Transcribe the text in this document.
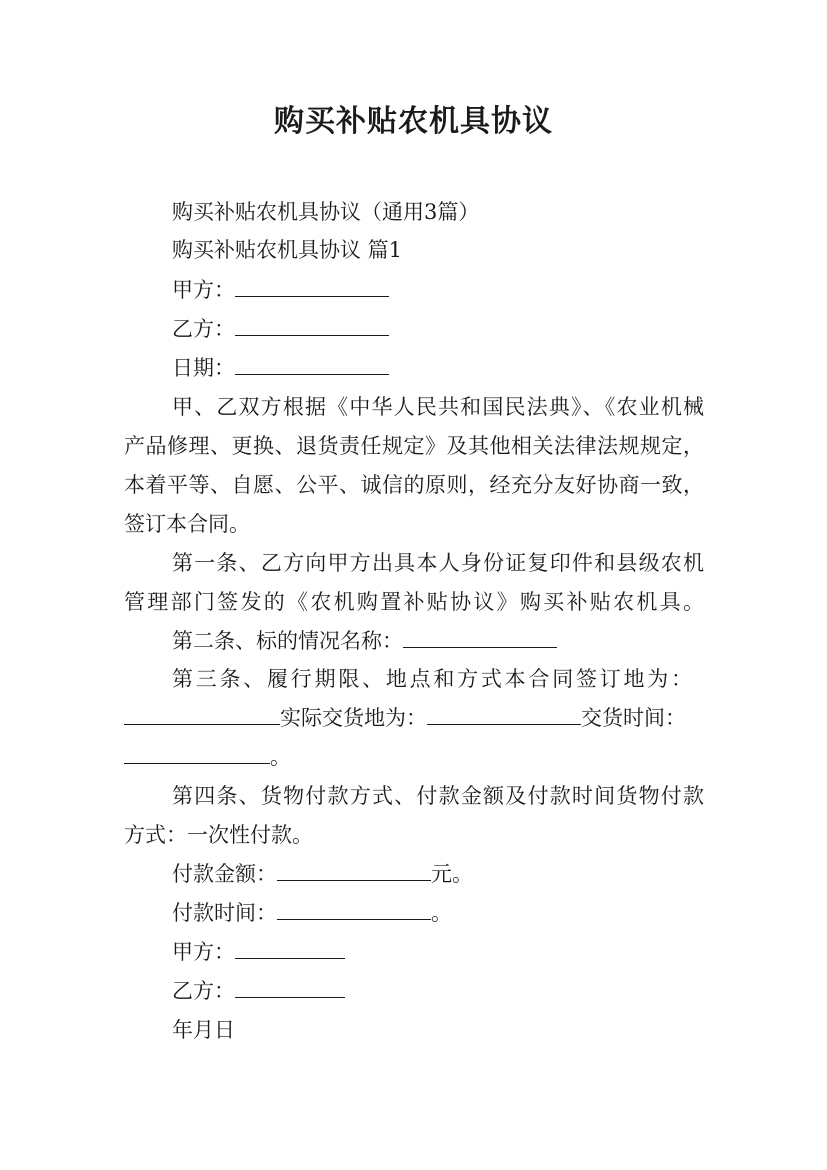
购买补贴农机具协议
购买补贴农机具协议（通用3篇）
购买补贴农机具协议 篇1
甲方：
乙方：
日期：
甲、乙双方根据《中华人民共和国民法典》、《农业机械
产品修理、更换、退货责任规定》及其他相关法律法规规定，
本着平等、自愿、公平、诚信的原则，经充分友好协商一致，
签订本合同。
第一条、乙方向甲方出具本人身份证复印件和县级农机
管理部门签发的《农机购置补贴协议》购买补贴农机具。
第二条、标的情况名称：
第三条、履行期限、地点和方式本合同签订地为：
实际交货地为：	交货时间：
。
第四条、货物付款方式、付款金额及付款时间货物付款
方式：一次性付款。
付款金额：	元。
付款时间：	。
甲方：
乙方：
年月日
